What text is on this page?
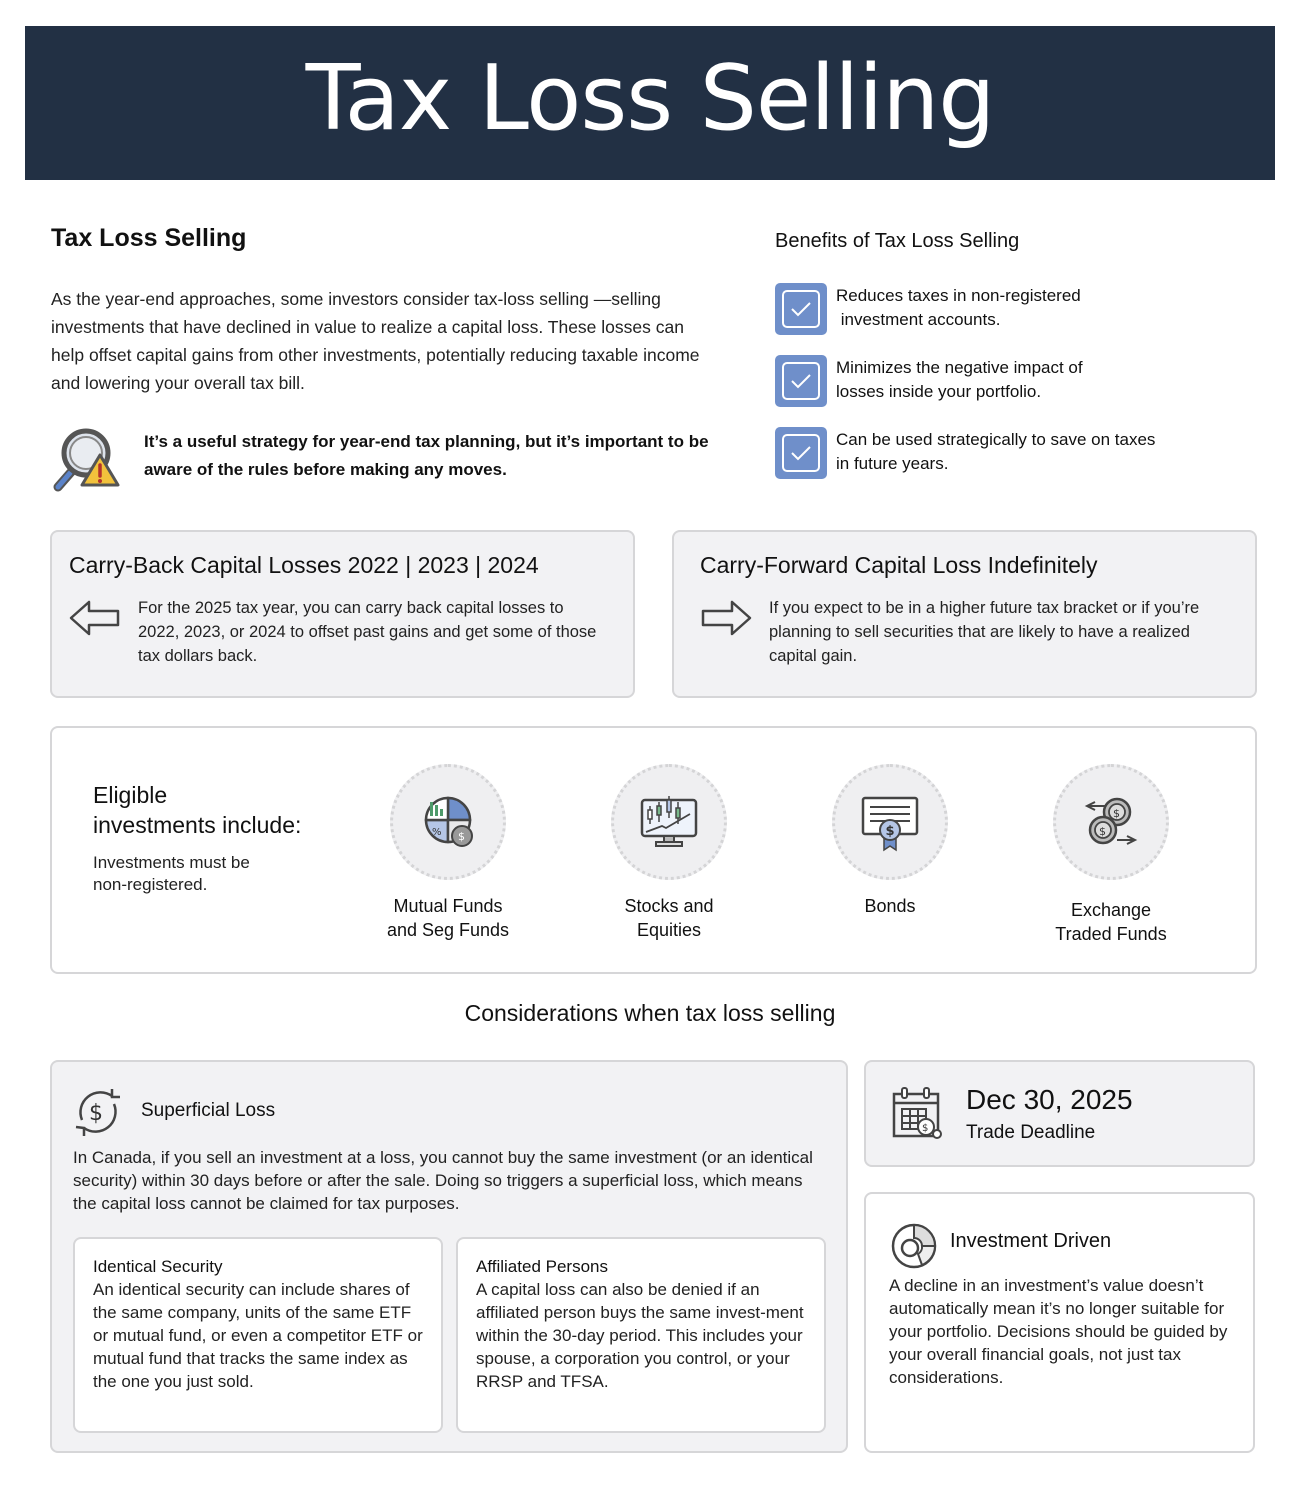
Tax Loss Selling
Tax Loss Selling
As the year-end approaches, some investors consider tax-loss selling —selling investments that have declined in value to realize a capital loss. These losses can help offset capital gains from other investments, potentially reducing taxable income and lowering your overall tax bill.
It’s a useful strategy for year-end tax planning, but it’s important to be aware of the rules before making any moves.
Benefits of Tax Loss Selling
Reduces taxes in non-registered
investment accounts.
Minimizes the negative impact of
losses inside your portfolio.
Can be used strategically to save on taxes
in future years.
Carry-Back Capital Losses 2022 | 2023 | 2024
For the 2025 tax year, you can carry back capital losses to 2022, 2023, or 2024 to offset past gains and get some of those tax dollars back.
Carry-Forward Capital Loss Indefinitely
If you expect to be in a higher future tax bracket or if you’re planning to sell securities that are likely to have a realized capital gain.
Eligible
investments include:
Investments must be
non-registered.
% $
Mutual Funds
and Seg Funds
Stocks and
Equities
$
Bonds
$
$
Exchange
Traded Funds
Considerations when tax loss selling
$ Superficial Loss
In Canada, if you sell an investment at a loss, you cannot buy the same investment (or an identical security) within 30 days before or after the sale. Doing so triggers a superficial loss, which means the capital loss cannot be claimed for tax purposes.
Identical Security
An identical security can include shares of the same company, units of the same ETF or mutual fund, or even a competitor ETF or mutual fund that tracks the same index as the one you just sold.
Affiliated Persons
A capital loss can also be denied if an affiliated person buys the same invest-ment within the 30-day period. This includes your spouse, a corporation you control, or your RRSP and TFSA.
$
Dec 30, 2025
Trade Deadline
Investment Driven
A decline in an investment’s value doesn’t automatically mean it’s no longer suitable for your portfolio. Decisions should be guided by your overall financial goals, not just tax considerations.
